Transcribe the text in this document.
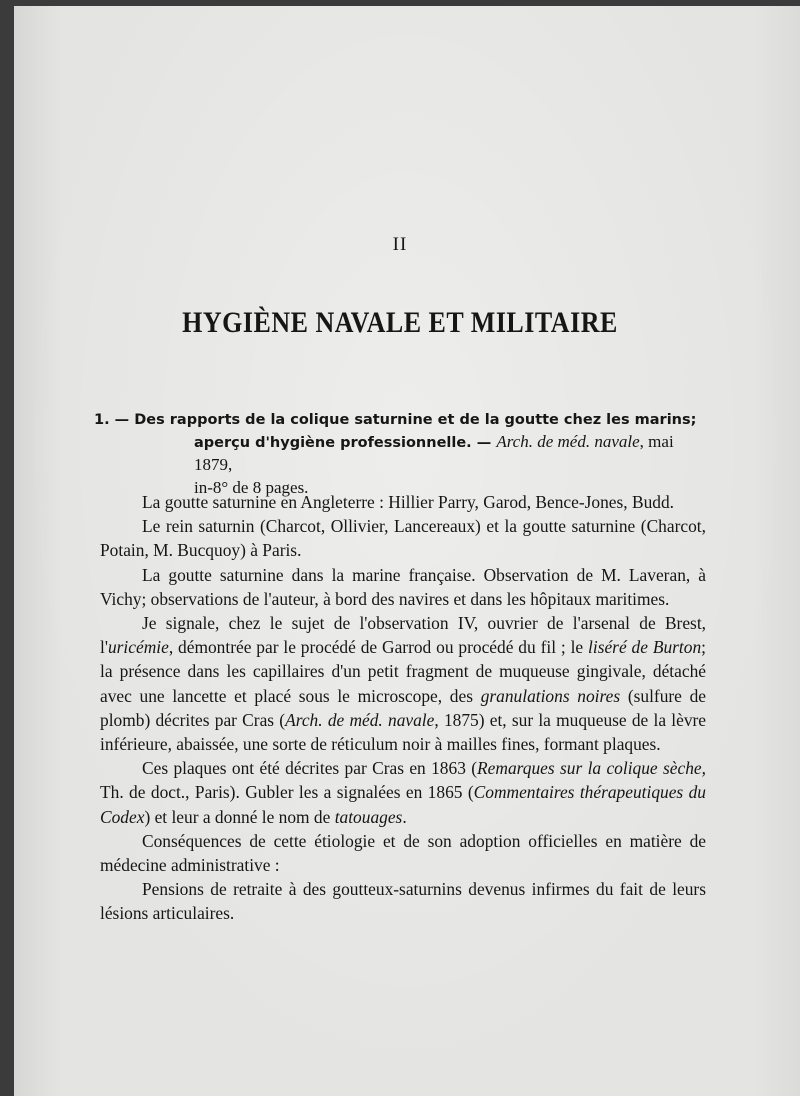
II
HYGIÈNE NAVALE ET MILITAIRE
1. — Des rapports de la colique saturnine et de la goutte chez les marins;
aperçu d'hygiène professionnelle. — Arch. de méd. navale, mai 1879,
in-8° de 8 pages.

La goutte saturnine en Angleterre : Hillier Parry, Garod, Bence-Jones, Budd.

Le rein saturnin (Charcot, Ollivier, Lancereaux) et la goutte saturnine (Charcot, Potain, M. Bucquoy) à Paris.

La goutte saturnine dans la marine française. Observation de M. Laveran, à Vichy; observations de l'auteur, à bord des navires et dans les hôpitaux maritimes.

Je signale, chez le sujet de l'observation IV, ouvrier de l'arsenal de Brest, l'uricémie, démontrée par le procédé de Garrod ou procédé du fil ; le liséré de Burton; la présence dans les capillaires d'un petit fragment de muqueuse gingivale, détaché avec une lancette et placé sous le microscope, des granulations noires (sulfure de plomb) décrites par Cras (Arch. de méd. navale, 1875) et, sur la muqueuse de la lèvre inférieure, abaissée, une sorte de réticulum noir à mailles fines, formant plaques.

Ces plaques ont été décrites par Cras en 1863 (Remarques sur la colique sèche, Th. de doct., Paris). Gubler les a signalées en 1865 (Commentaires thérapeutiques du Codex) et leur a donné le nom de tatouages.

Conséquences de cette étiologie et de son adoption officielles en matière de médecine administrative :

Pensions de retraite à des goutteux-saturnins devenus infirmes du fait de leurs lésions articulaires.
